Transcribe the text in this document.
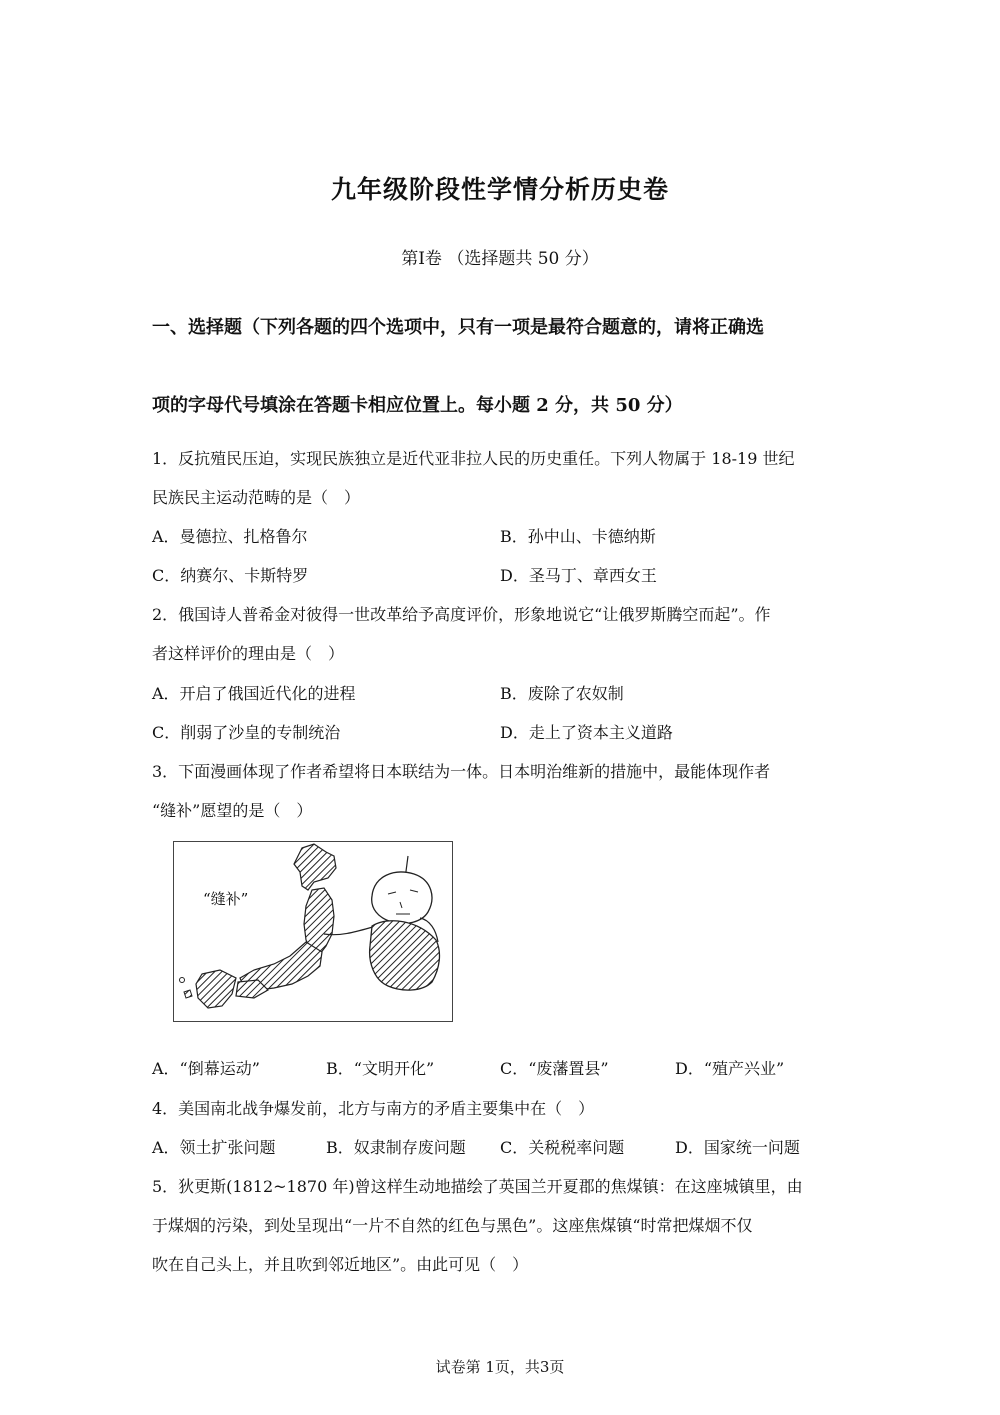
九年级阶段性学情分析历史卷
第Ⅰ卷 （选择题共 50 分）
一、选择题（下列各题的四个选项中，只有一项是最符合题意的，请将正确选
项的字母代号填涂在答题卡相应位置上。每小题 2 分，共 50 分）
1．反抗殖民压迫，实现民族独立是近代亚非拉人民的历史重任。下列人物属于 18-19 世纪
民族民主运动范畴的是（　）
A．曼德拉、扎格鲁尔	B．孙中山、卡德纳斯
C．纳赛尔、卡斯特罗	D．圣马丁、章西女王
2．俄国诗人普希金对彼得一世改革给予高度评价，形象地说它“让俄罗斯腾空而起”。作
者这样评价的理由是（　）
A．开启了俄国近代化的进程	B．废除了农奴制
C．削弱了沙皇的专制统治	D．走上了资本主义道路
3．下面漫画体现了作者希望将日本联结为一体。日本明治维新的措施中，最能体现作者
“缝补”愿望的是（　）
“缝补”
A．“倒幕运动”	B．“文明开化”	C．“废藩置县”	D．“殖产兴业”
4．美国南北战争爆发前，北方与南方的矛盾主要集中在（　）
A．领土扩张问题	B．奴隶制存废问题 C．关税税率问题	D．国家统一问题
5．狄更斯(1812~1870 年)曾这样生动地描绘了英国兰开夏郡的焦煤镇：在这座城镇里，由
于煤烟的污染，到处呈现出“一片不自然的红色与黑色”。这座焦煤镇“时常把煤烟不仅
吹在自己头上，并且吹到邻近地区”。由此可见（　）
试卷第 1页，共3页
